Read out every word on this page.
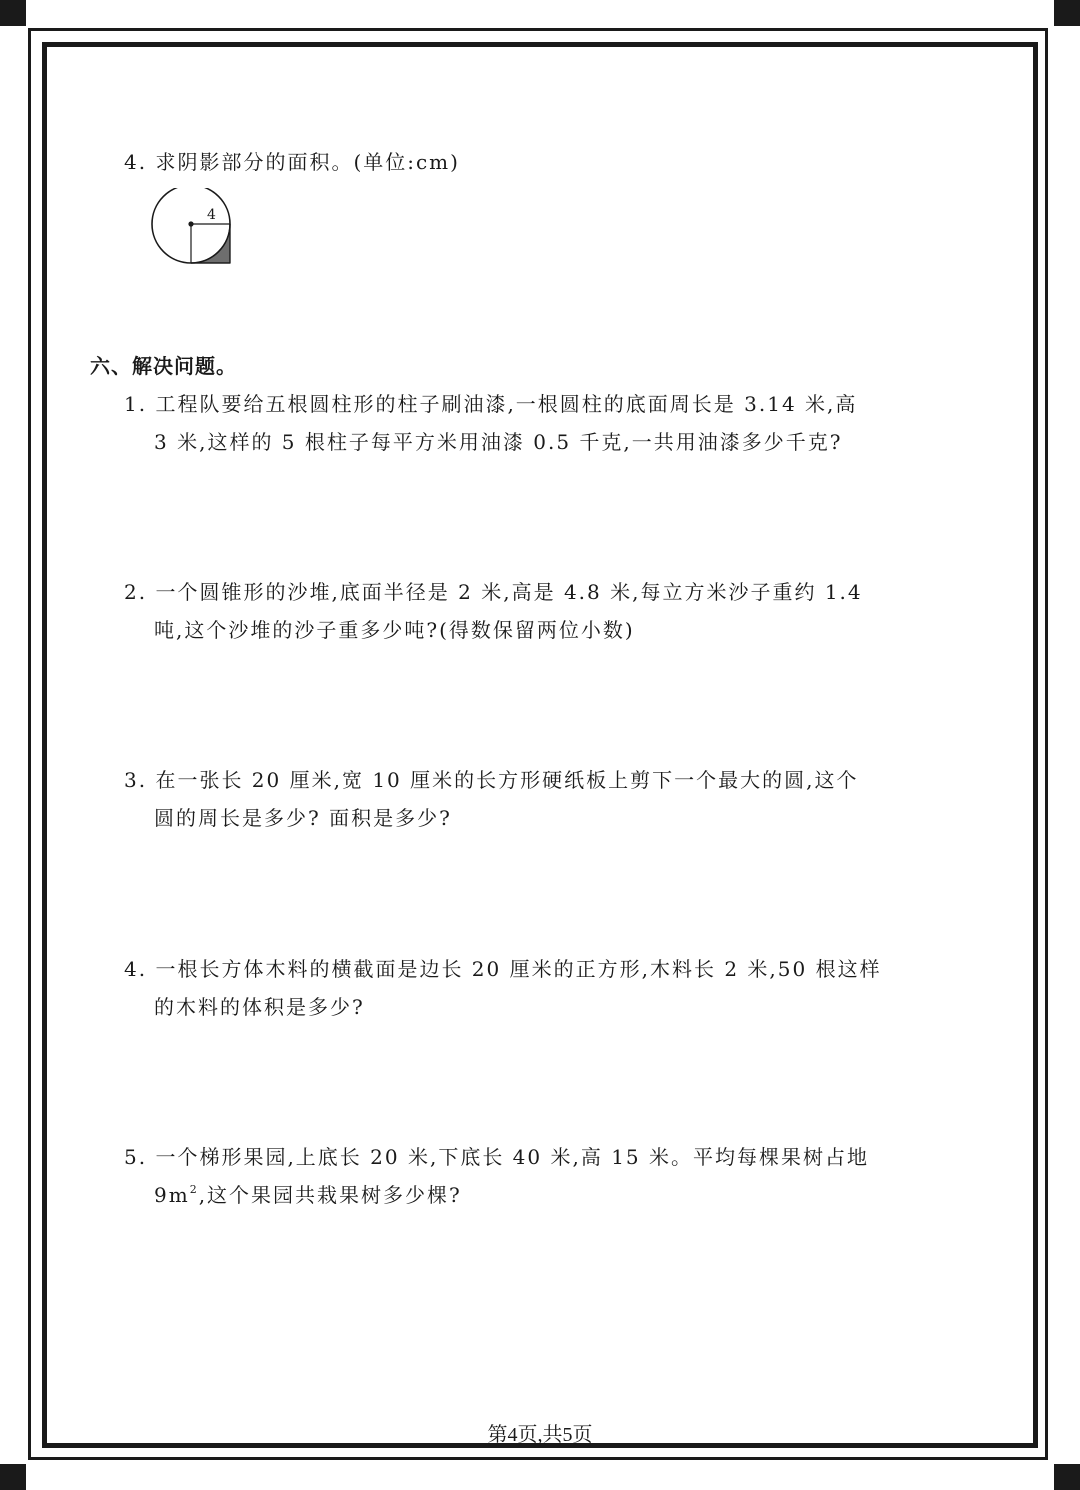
4. 求阴影部分的面积。(单位:cm)
4
六、解决问题。
1. 工程队要给五根圆柱形的柱子刷油漆,一根圆柱的底面周长是 3.14 米,高
3 米,这样的 5 根柱子每平方米用油漆 0.5 千克,一共用油漆多少千克?
2. 一个圆锥形的沙堆,底面半径是 2 米,高是 4.8 米,每立方米沙子重约 1.4
吨,这个沙堆的沙子重多少吨?(得数保留两位小数)
3. 在一张长 20 厘米,宽 10 厘米的长方形硬纸板上剪下一个最大的圆,这个
圆的周长是多少? 面积是多少?
4. 一根长方体木料的横截面是边长 20 厘米的正方形,木料长 2 米,50 根这样
的木料的体积是多少?
5. 一个梯形果园,上底长 20 米,下底长 40 米,高 15 米。平均每棵果树占地
$9m^2$,这个果园共栽果树多少棵?
第4页,共5页
